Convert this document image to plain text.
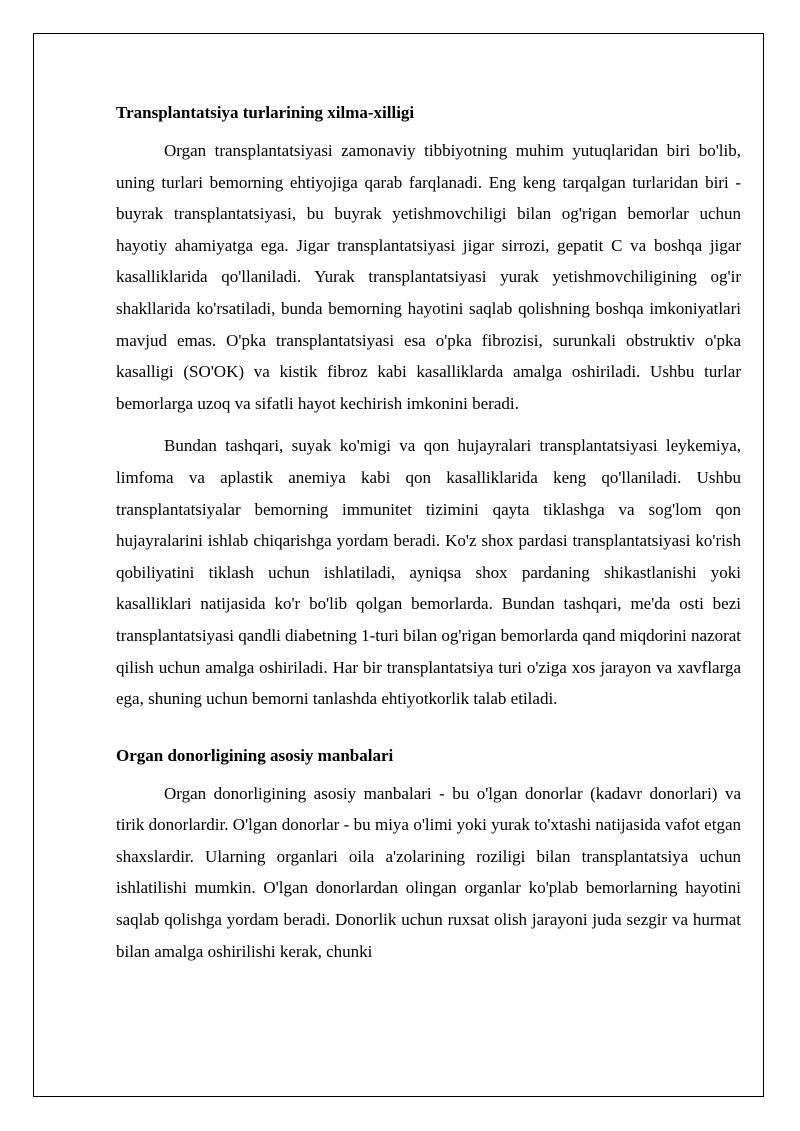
Transplantatsiya turlarining xilma-xilligi

Organ transplantatsiyasi zamonaviy tibbiyotning muhim yutuqlaridan biri bo'lib, uning turlari bemorning ehtiyojiga qarab farqlanadi. Eng keng tarqalgan turlaridan biri - buyrak transplantatsiyasi, bu buyrak yetishmovchiligi bilan og'rigan bemorlar uchun hayotiy ahamiyatga ega. Jigar transplantatsiyasi jigar sirrozi, gepatit C va boshqa jigar kasalliklarida qo'llaniladi. Yurak transplantatsiyasi yurak yetishmovchiligining og'ir shakllarida ko'rsatiladi, bunda bemorning hayotini saqlab qolishning boshqa imkoniyatlari mavjud emas. O'pka transplantatsiyasi esa o'pka fibrozisi, surunkali obstruktiv o'pka kasalligi (SO'OK) va kistik fibroz kabi kasalliklarda amalga oshiriladi. Ushbu turlar bemorlarga uzoq va sifatli hayot kechirish imkonini beradi.

Bundan tashqari, suyak ko'migi va qon hujayralari transplantatsiyasi leykemiya, limfoma va aplastik anemiya kabi qon kasalliklarida keng qo'llaniladi. Ushbu transplantatsiyalar bemorning immunitet tizimini qayta tiklashga va sog'lom qon hujayralarini ishlab chiqarishga yordam beradi. Ko'z shox pardasi transplantatsiyasi ko'rish qobiliyatini tiklash uchun ishlatiladi, ayniqsa shox pardaning shikastlanishi yoki kasalliklari natijasida ko'r bo'lib qolgan bemorlarda. Bundan tashqari, me'da osti bezi transplantatsiyasi qandli diabetning 1-turi bilan og'rigan bemorlarda qand miqdorini nazorat qilish uchun amalga oshiriladi. Har bir transplantatsiya turi o'ziga xos jarayon va xavflarga ega, shuning uchun bemorni tanlashda ehtiyotkorlik talab etiladi.

Organ donorligining asosiy manbalari

Organ donorligining asosiy manbalari - bu o'lgan donorlar (kadavr donorlari) va tirik donorlardir. O'lgan donorlar - bu miya o'limi yoki yurak to'xtashi natijasida vafot etgan shaxslardir. Ularning organlari oila a'zolarining roziligi bilan transplantatsiya uchun ishlatilishi mumkin. O'lgan donorlardan olingan organlar ko'plab bemorlarning hayotini saqlab qolishga yordam beradi. Donorlik uchun ruxsat olish jarayoni juda sezgir va hurmat bilan amalga oshirilishi kerak, chunki
